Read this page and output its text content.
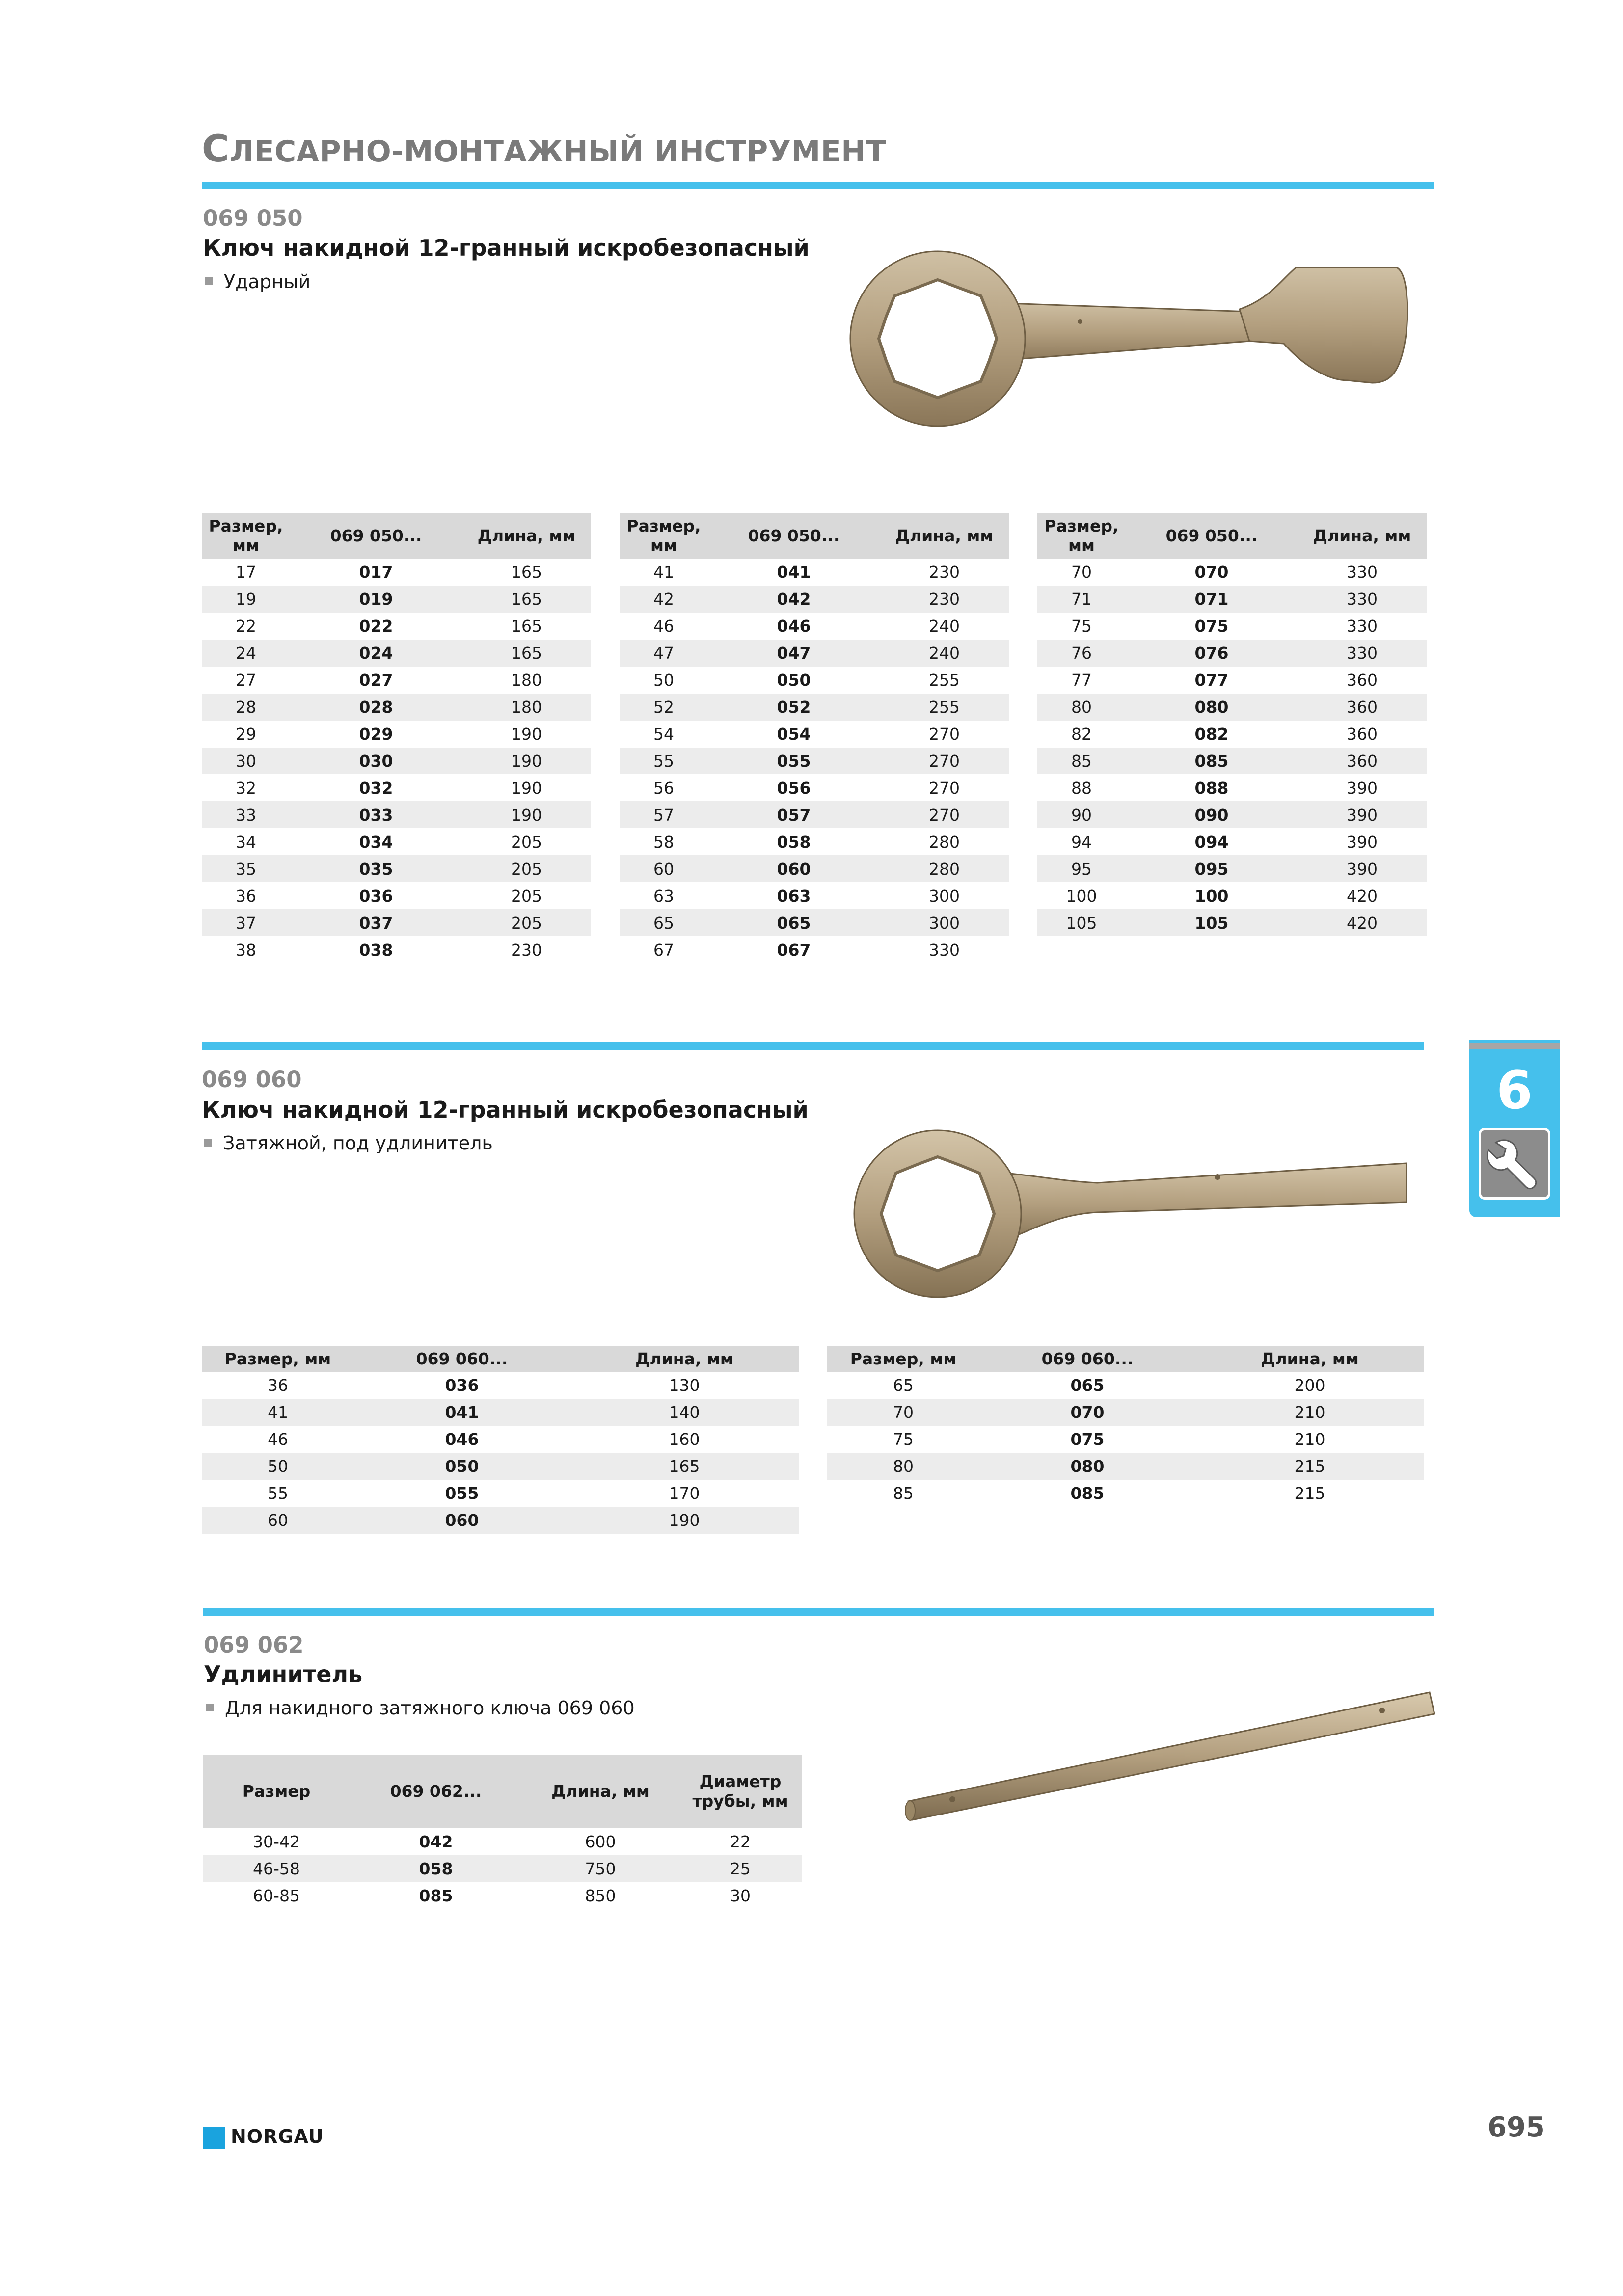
СЛЕСАРНО-МОНТАЖНЫЙ ИНСТРУМЕНТ
069 050
Ключ накидной 12-гранный искробезопасный
Ударный
Размер, мм	069 050...	Длина, мм
17	017	165
19	019	165
22	022	165
24	024	165
27	027	180
28	028	180
29	029	190
30	030	190
32	032	190
33	033	190
34	034	205
35	035	205
36	036	205
37	037	205
38	038	230
Размер, мм	069 050...	Длина, мм
41	041	230
42	042	230
46	046	240
47	047	240
50	050	255
52	052	255
54	054	270
55	055	270
56	056	270
57	057	270
58	058	280
60	060	280
63	063	300
65	065	300
67	067	330
Размер, мм	069 050...	Длина, мм
70	070	330
71	071	330
75	075	330
76	076	330
77	077	360
80	080	360
82	082	360
85	085	360
88	088	390
90	090	390
94	094	390
95	095	390
100	100	420
105	105	420
069 060
Ключ накидной 12-гранный искробезопасный
Затяжной, под удлинитель
Размер, мм	069 060...	Длина, мм
36	036	130
41	041	140
46	046	160
50	050	165
55	055	170
60	060	190
Размер, мм	069 060...	Длина, мм
65	065	200
70	070	210
75	075	210
80	080	215
85	085	215
069 062
Удлинитель
Для накидного затяжного ключа 069 060
Размер	069 062...	Длина, мм	Диаметр трубы, мм
30-42	042	600	22
46-58	058	750	25
60-85	085	850	30
6
NORGAU	695
